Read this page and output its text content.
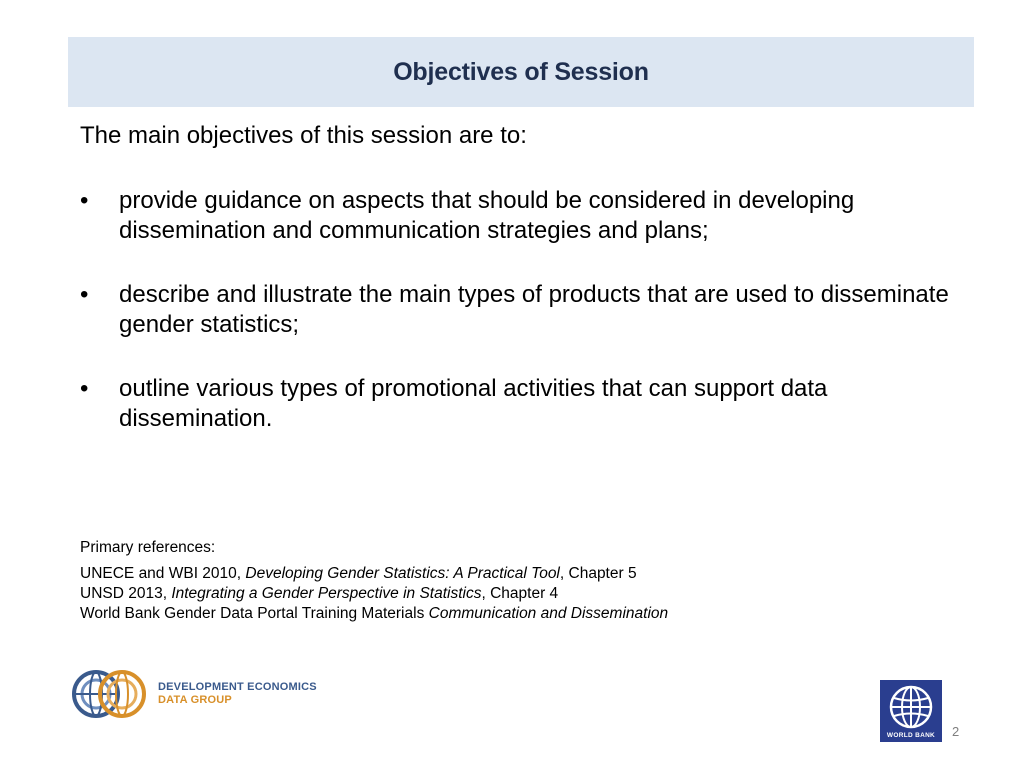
Objectives of Session

The main objectives of this session are to:

• provide guidance on aspects that should be considered in developing dissemination and communication strategies and plans;
• describe and illustrate the main types of products that are used to disseminate gender statistics;
• outline various types of promotional activities that can support data dissemination.
Primary references:
UNECE and WBI 2010, Developing Gender Statistics: A Practical Tool, Chapter 5
UNSD 2013, Integrating a Gender Perspective in Statistics, Chapter 4
World Bank Gender Data Portal Training Materials Communication and Dissemination
DEVELOPMENT ECONOMICS
DATA GROUP
WORLD BANK 2
